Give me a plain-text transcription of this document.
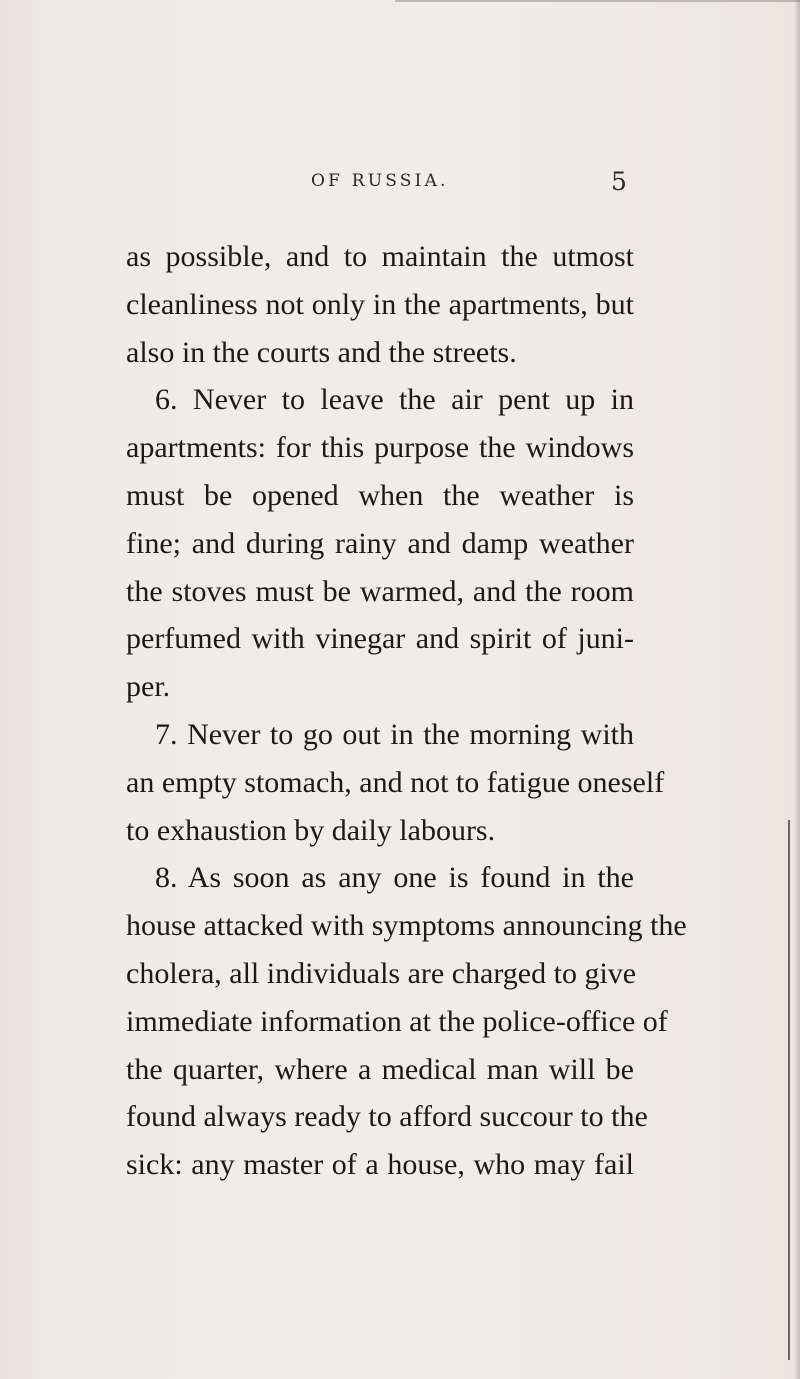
OF RUSSIA.	5
as possible, and to maintain the utmost
cleanliness not only in the apartments, but
also in the courts and the streets.
6. Never to leave the air pent up in
apartments: for this purpose the windows
must be opened when the weather is
fine; and during rainy and damp weather
the stoves must be warmed, and the room
perfumed with vinegar and spirit of juni-
per.
7. Never to go out in the morning with
an empty stomach, and not to fatigue oneself
to exhaustion by daily labours.
8. As soon as any one is found in the
house attacked with symptoms announcing the
cholera, all individuals are charged to give
immediate information at the police-office of
the quarter, where a medical man will be
found always ready to afford succour to the
sick: any master of a house, who may fail
